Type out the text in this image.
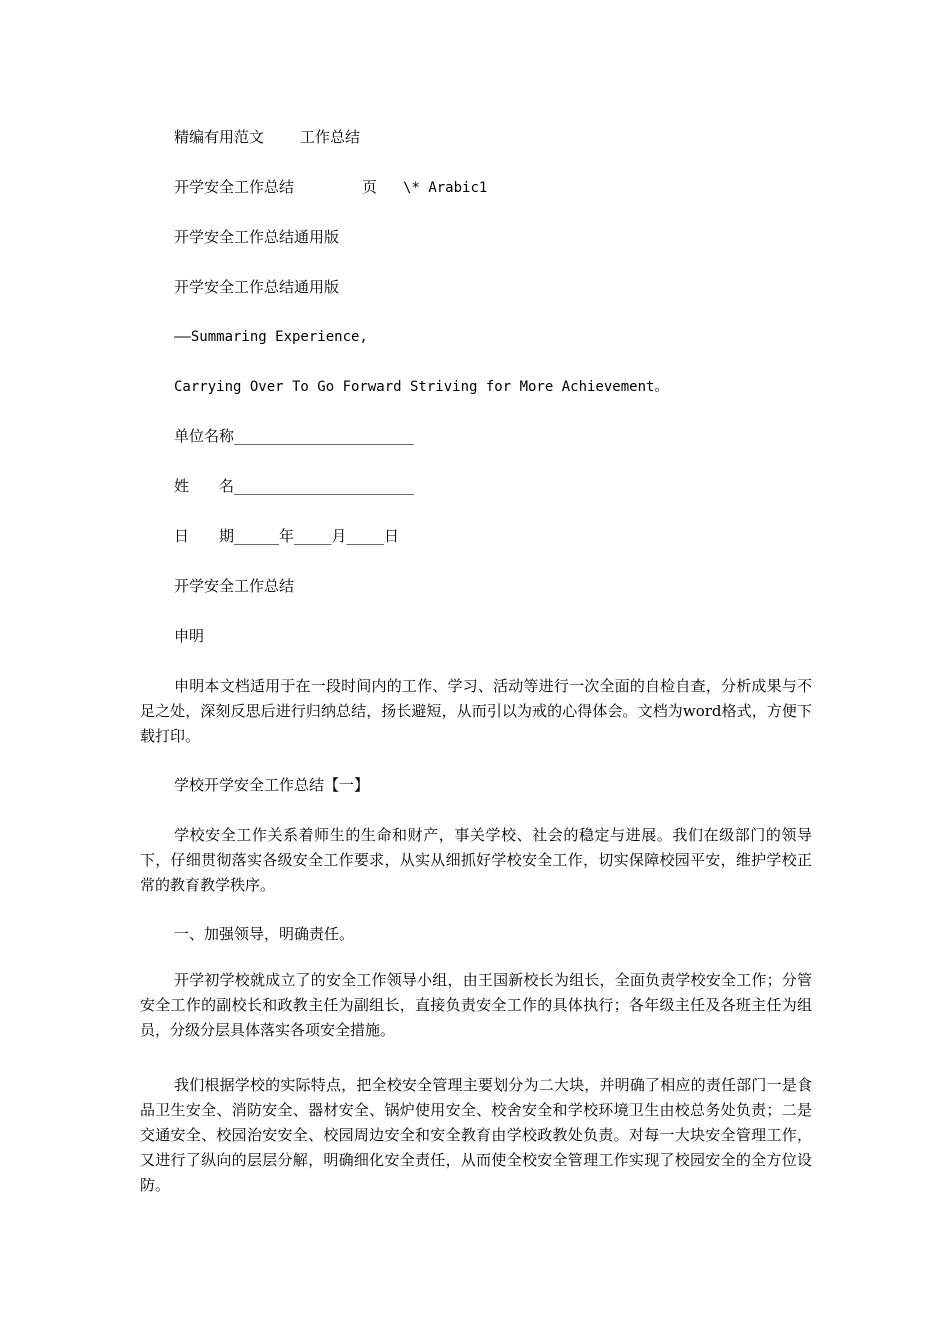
精编有用范文 工作总结

开学安全工作总结	页 \* Arabic1

开学安全工作总结通用版

开学安全工作总结通用版

——Summaring Experience,

Carrying Over To Go Forward Striving for More Achievement。

单位名称________________________

姓　　名________________________

日　　期______年_____月_____日

开学安全工作总结

申明

申明本文档适用于在一段时间内的工作、学习、活动等进行一次全面的自检自查，分析成果与不足之处，深刻反思后进行归纳总结，扬长避短，从而引以为戒的心得体会。文档为word格式，方便下载打印。

学校开学安全工作总结【一】

学校安全工作关系着师生的生命和财产，事关学校、社会的稳定与进展。我们在级部门的领导下，仔细贯彻落实各级安全工作要求，从实从细抓好学校安全工作，切实保障校园平安，维护学校正常的教育教学秩序。

一、加强领导，明确责任。

开学初学校就成立了的安全工作领导小组，由王国新校长为组长，全面负责学校安全工作；分管安全工作的副校长和政教主任为副组长，直接负责安全工作的具体执行；各年级主任及各班主任为组员，分级分层具体落实各项安全措施。

我们根据学校的实际特点，把全校安全管理主要划分为二大块，并明确了相应的责任部门一是食品卫生安全、消防安全、器材安全、锅炉使用安全、校舍安全和学校环境卫生由校总务处负责；二是交通安全、校园治安安全、校园周边安全和安全教育由学校政教处负责。对每一大块安全管理工作，又进行了纵向的层层分解，明确细化安全责任，从而使全校安全管理工作实现了校园安全的全方位设防。
